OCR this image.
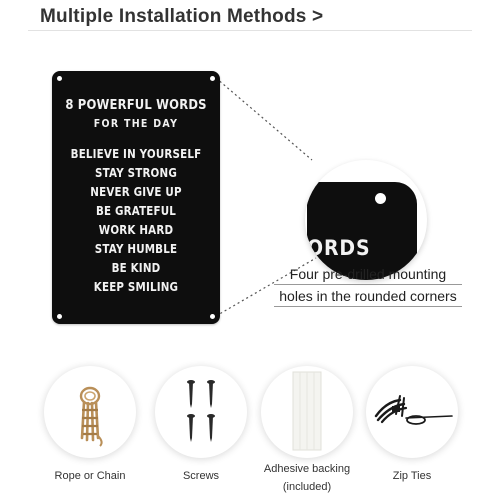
Multiple Installation Methods >
8 POWERFUL WORDS
FOR THE DAY
BELIEVE IN YOURSELF
STAY STRONG
NEVER GIVE UP
BE GRATEFUL
WORK HARD
STAY HUMBLE
BE KIND
KEEP SMILING
ORDS
Four pre-drilled mounting
holes in the rounded corners
Rope or Chain	Screws
Adhesive backing
(included)
Zip Ties
